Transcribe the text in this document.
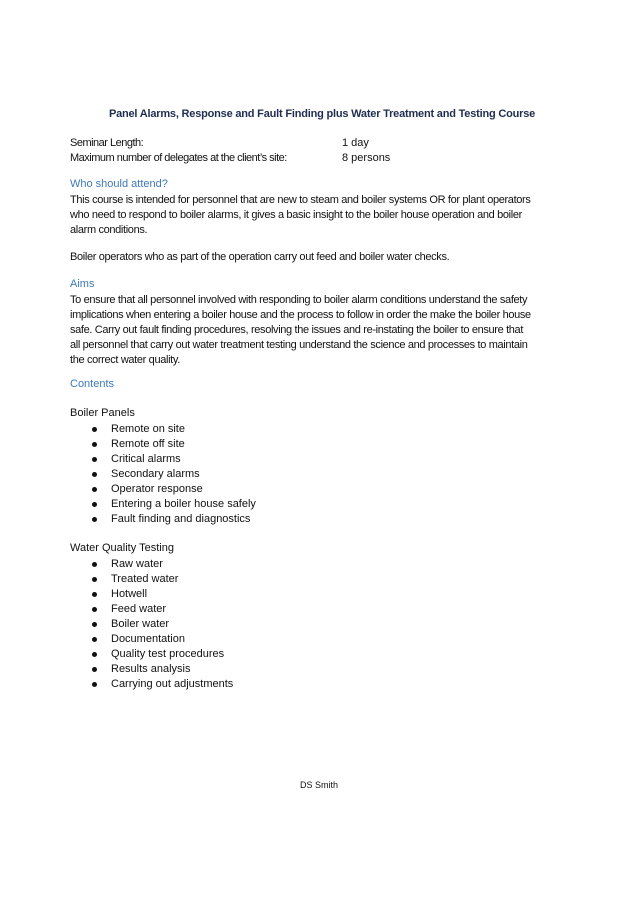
Panel Alarms, Response and Fault Finding plus Water Treatment and Testing Course
Seminar Length:	1 day
Maximum number of delegates at the client’s site:	8 persons
Who should attend?
This course is intended for personnel that are new to steam and boiler systems OR for plant operators
who need to respond to boiler alarms, it gives a basic insight to the boiler house operation and boiler
alarm conditions.
Boiler operators who as part of the operation carry out feed and boiler water checks.
Aims
To ensure that all personnel involved with responding to boiler alarm conditions understand the safety
implications when entering a boiler house and the process to follow in order the make the boiler house
safe. Carry out fault finding procedures, resolving the issues and re-instating the boiler to ensure that
all personnel that carry out water treatment testing understand the science and processes to maintain
the correct water quality.
Contents
Boiler Panels
Remote on site
Remote off site
Critical alarms
Secondary alarms
Operator response
Entering a boiler house safely
Fault finding and diagnostics
Water Quality Testing
Raw water
Treated water
Hotwell
Feed water
Boiler water
Documentation
Quality test procedures
Results analysis
Carrying out adjustments
DS Smith
